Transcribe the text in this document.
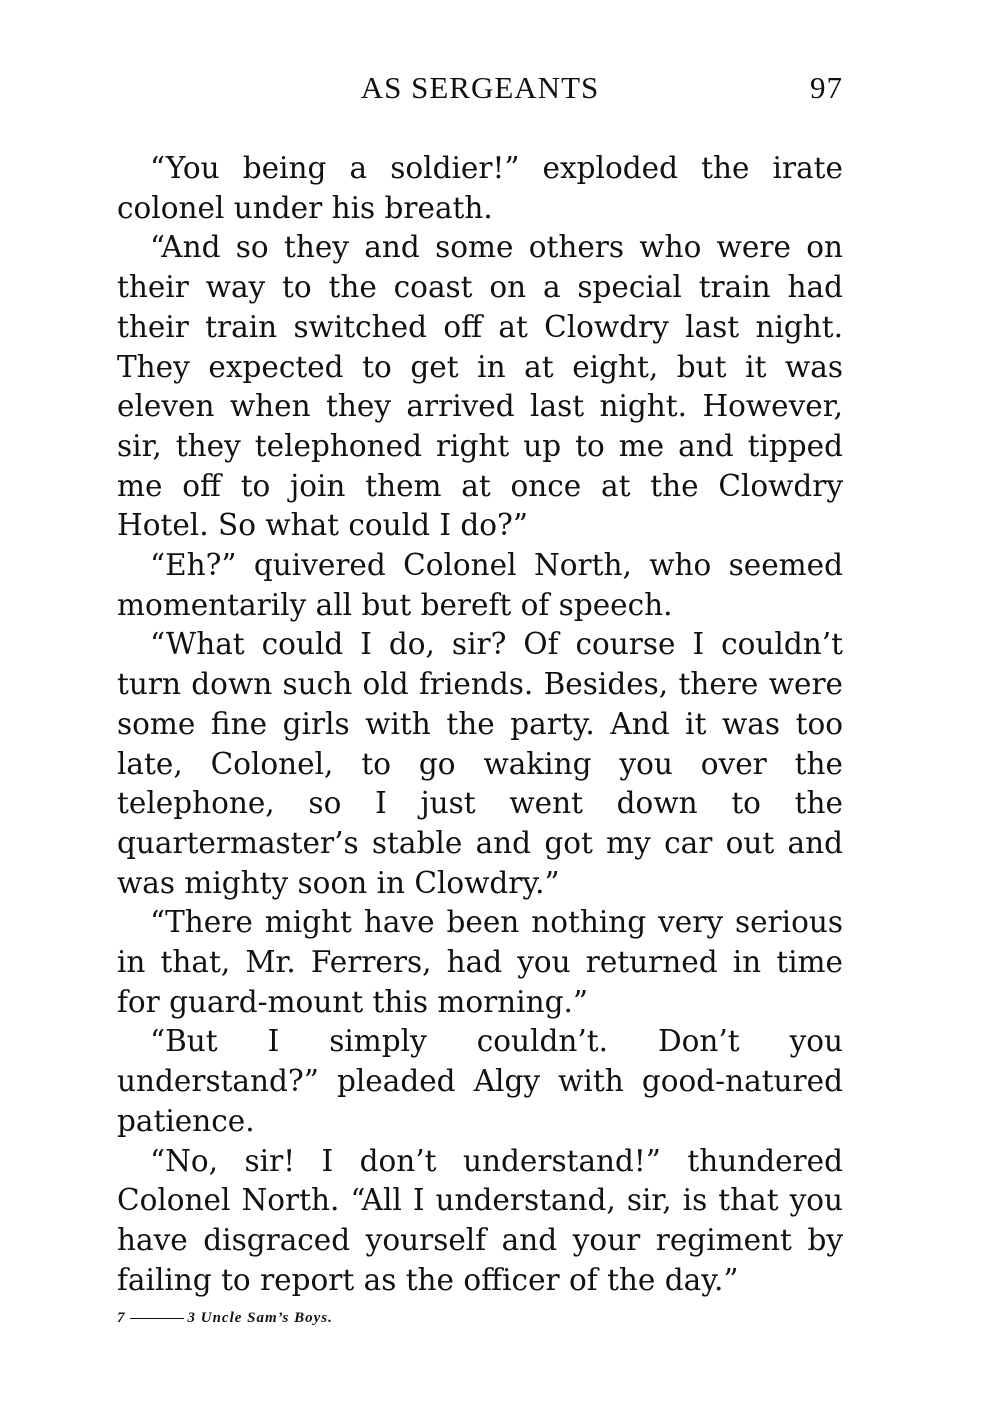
AS SERGEANTS	97

“You being a soldier!” exploded the irate colonel under his breath.

“And so they and some others who were on their way to the coast on a special train had their train switched off at Clowdry last night. They expected to get in at eight, but it was eleven when they arrived last night. However, sir, they telephoned right up to me and tipped me off to join them at once at the Clowdry Hotel. So what could I do?”

“Eh?” quivered Colonel North, who seemed momentarily all but bereft of speech.

“What could I do, sir? Of course I couldn’t turn down such old friends. Besides, there were some fine girls with the party. And it was too late, Colonel, to go waking you over the telephone, so I just went down to the quartermaster’s stable and got my car out and was mighty soon in Clowdry.”

“There might have been nothing very serious in that, Mr. Ferrers, had you returned in time for guard-mount this morning.”

“But I simply couldn’t. Don’t you understand?” pleaded Algy with good-natured patience.

“No, sir! I don’t understand!” thundered Colonel North. “All I understand, sir, is that you have disgraced yourself and your regiment by failing to report as the officer of the day.”

7	3 Uncle Sam’s Boys.
